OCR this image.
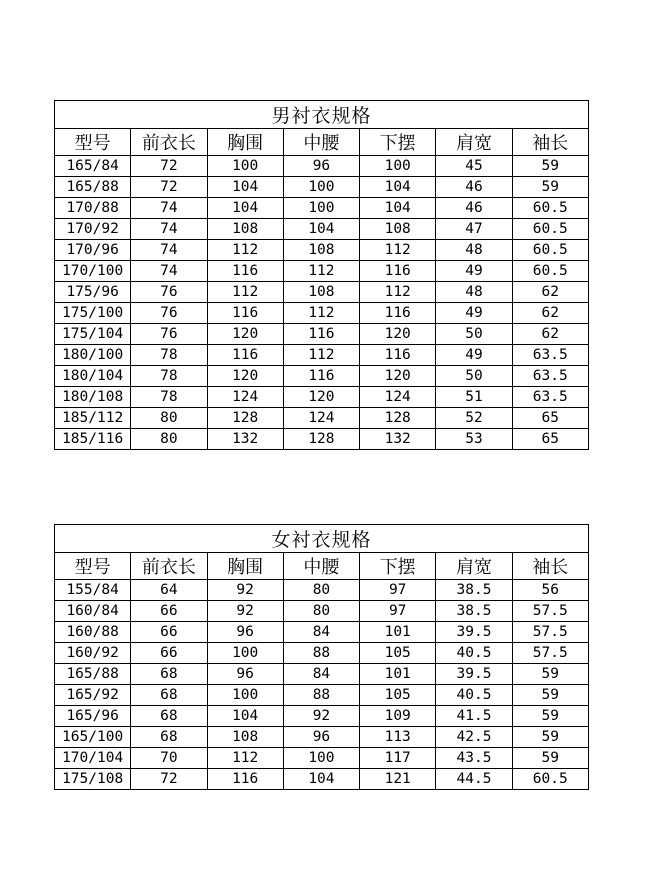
男衬衣规格						
型号	前衣长	胸围	中腰	下摆	肩宽	袖长
165/84	72	100	96	100	45	59
165/88	72	104	100	104	46	59
170/88	74	104	100	104	46	60.5
170/92	74	108	104	108	47	60.5
170/96	74	112	108	112	48	60.5
170/100	74	116	112	116	49	60.5
175/96	76	112	108	112	48	62
175/100	76	116	112	116	49	62
175/104	76	120	116	120	50	62
180/100	78	116	112	116	49	63.5
180/104	78	120	116	120	50	63.5
180/108	78	124	120	124	51	63.5
185/112	80	128	124	128	52	65
185/116	80	132	128	132	53	65
女衬衣规格						
型号	前衣长	胸围	中腰	下摆	肩宽	袖长
155/84	64	92	80	97	38.5	56
160/84	66	92	80	97	38.5	57.5
160/88	66	96	84	101	39.5	57.5
160/92	66	100	88	105	40.5	57.5
165/88	68	96	84	101	39.5	59
165/92	68	100	88	105	40.5	59
165/96	68	104	92	109	41.5	59
165/100	68	108	96	113	42.5	59
170/104	70	112	100	117	43.5	59
175/108	72	116	104	121	44.5	60.5
